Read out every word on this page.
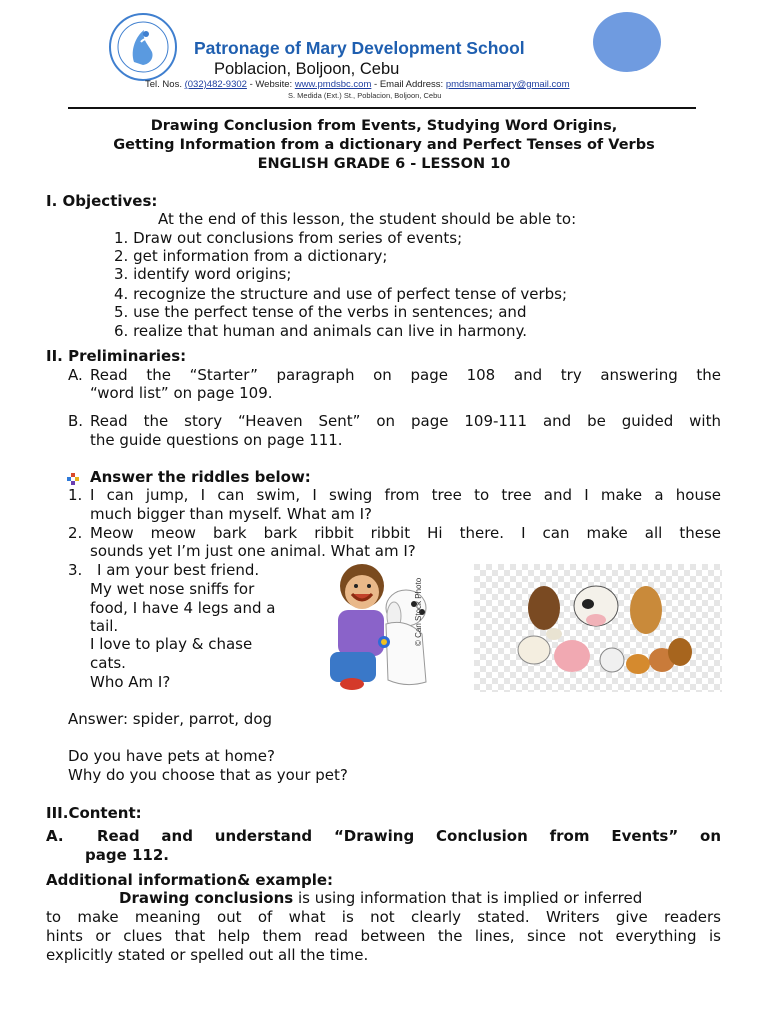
Patronage of Mary Development School
Poblacion, Boljoon, Cebu
Tel. Nos. (032)482-9302 - Website: www.pmdsbc.com - Email Address: pmdsmamamary@gmail.com
S. Medida (Ext.) St., Poblacion, Boljoon, Cebu
Drawing Conclusion from Events, Studying Word Origins,
Getting Information from a dictionary and Perfect Tenses of Verbs
ENGLISH GRADE 6 - LESSON 10
I. Objectives:
At the end of this lesson, the student should be able to:
1. Draw out conclusions from series of events;
2. get information from a dictionary;
3. identify word origins;
4. recognize the structure and use of perfect tense of verbs;
5. use the perfect tense of the verbs in sentences; and
6. realize that human and animals can live in harmony.
II. Preliminaries:
A. Read the “Starter” paragraph on page 108 and try answering the
“word list” on page 109.
B. Read the story “Heaven Sent” on page 109-111 and be guided with
the guide questions on page 111.
Answer the riddles below:
1. I can jump, I can swim, I swing from tree to tree and I make a house
much bigger than myself. What am I?
2. Meow meow bark bark ribbit ribbit Hi there. I can make all these
sounds yet I’m just one animal. What am I?
3. I am your best friend.
My wet nose sniffs for
food, I have 4 legs and a
tail.
I love to play & chase
cats.
Who Am I?
© Can Stock Photo
Answer: spider, parrot, dog
Do you have pets at home?
Why do you choose that as your pet?
III.Content:
A. Read and understand “Drawing Conclusion from Events” on
page 112.
Additional information& example:
Drawing conclusions is using information that is implied or inferred
to make meaning out of what is not clearly stated. Writers give readers
hints or clues that help them read between the lines, since not everything is
explicitly stated or spelled out all the time.
